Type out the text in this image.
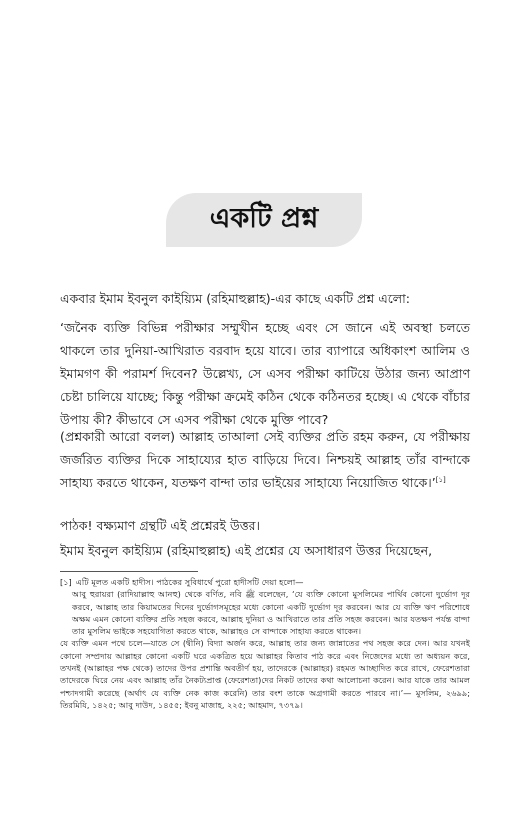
একটি প্রশ্ন
একবার ইমাম ইবনুল কাইয়্যিম (রহিমাহুল্লাহ)-এর কাছে একটি প্রশ্ন এলো:
‘জনৈক ব্যক্তি বিভিন্ন পরীক্ষার সম্মুখীন হচ্ছে এবং সে জানে এই অবস্থা চলতে থাকলে তার দুনিয়া-আখিরাত বরবাদ হয়ে যাবে। তার ব্যাপারে অধিকাংশ আলিম ও ইমামগণ কী পরামর্শ দিবেন? উল্লেখ্য, সে এসব পরীক্ষা কাটিয়ে উঠার জন্য আপ্রাণ চেষ্টা চালিয়ে যাচ্ছে; কিন্তু পরীক্ষা ক্রমেই কঠিন থেকে কঠিনতর হচ্ছে। এ থেকে বাঁচার উপায় কী? কীভাবে সে এসব পরীক্ষা থেকে মুক্তি পাবে?
(প্রশ্নকারী আরো বলল) আল্লাহ তাআলা সেই ব্যক্তির প্রতি রহম করুন, যে পরীক্ষায় জর্জরিত ব্যক্তির দিকে সাহায্যের হাত বাড়িয়ে দিবে। নিশ্চয়ই আল্লাহ তাঁর বান্দাকে সাহায্য করতে থাকেন, যতক্ষণ বান্দা তার ভাইয়ের সাহায্যে নিয়োজিত থাকে।’[১]
পাঠক! বক্ষ্যমাণ গ্রন্থটি এই প্রশ্নেরই উত্তর।
ইমাম ইবনুল কাইয়্যিম (রহিমাহুল্লাহ) এই প্রশ্নের যে অসাধারণ উত্তর দিয়েছেন,

[১] এটি মূলত একটি হাদীস। পাঠকের সুবিধার্থে পুরো হাদীসটি দেয়া হলো—

আবু হুরায়রা (রাদিয়াল্লাহু আনহু) থেকে বর্ণিত, নবি ﷺ বলেছেন, ‘যে ব্যক্তি কোনো মুসলিমের পার্থিব কোনো দুর্ভোগ দূর করবে, আল্লাহ তার কিয়ামতের দিনের দুর্ভোগসমূহের মধ্যে কোনো একটি দুর্ভোগ দূর করবেন। আর যে ব্যক্তি ঋণ পরিশোধে অক্ষম এমন কোনো ব্যক্তির প্রতি সহজ করবে, আল্লাহ দুনিয়া ও আখিরাতে তার প্রতি সহজ করবেন। আর যতক্ষণ পর্যন্ত বান্দা তার মুসলিম ভাইকে সহযোগিতা করতে থাকে, আল্লাহও সে বান্দাকে সাহায্য করতে থাকেন।

যে ব্যক্তি এমন পথে চলে—যাতে সে (দ্বীনি) বিদ্যা অর্জন করে, আল্লাহ তার জন্য জান্নাতের পথ সহজ করে দেন। আর যখনই কোনো সম্প্রদায় আল্লাহর কোনো একটি ঘরে একত্রিত হয়ে আল্লাহর কিতাব পাঠ করে এবং নিজেদের মধ্যে তা অধ্যয়ন করে, তখনই (আল্লাহর পক্ষ থেকে) তাদের উপর প্রশান্তি অবতীর্ণ হয়, তাদেরকে (আল্লাহর) রহমত আচ্ছাদিত করে রাখে, ফেরেশতারা তাদেরকে ঘিরে নেয় এবং আল্লাহ তাঁর নৈকট্যপ্রাপ্ত (ফেরেশতা)দের নিকট তাদের কথা আলোচনা করেন। আর যাকে তার আমল পশ্চাদগামী করেছে (অর্থাৎ যে ব্যক্তি নেক কাজ করেনি) তার বংশ তাকে অগ্রগামী করতে পারবে না।’— মুসলিম, ২৬৯৯; তিরমিযি, ১৪২৫; আবু দাউদ, ১৪৫৫; ইবনু মাজাহ, ২২৫; আহমাদ, ৭৩৭৯।
